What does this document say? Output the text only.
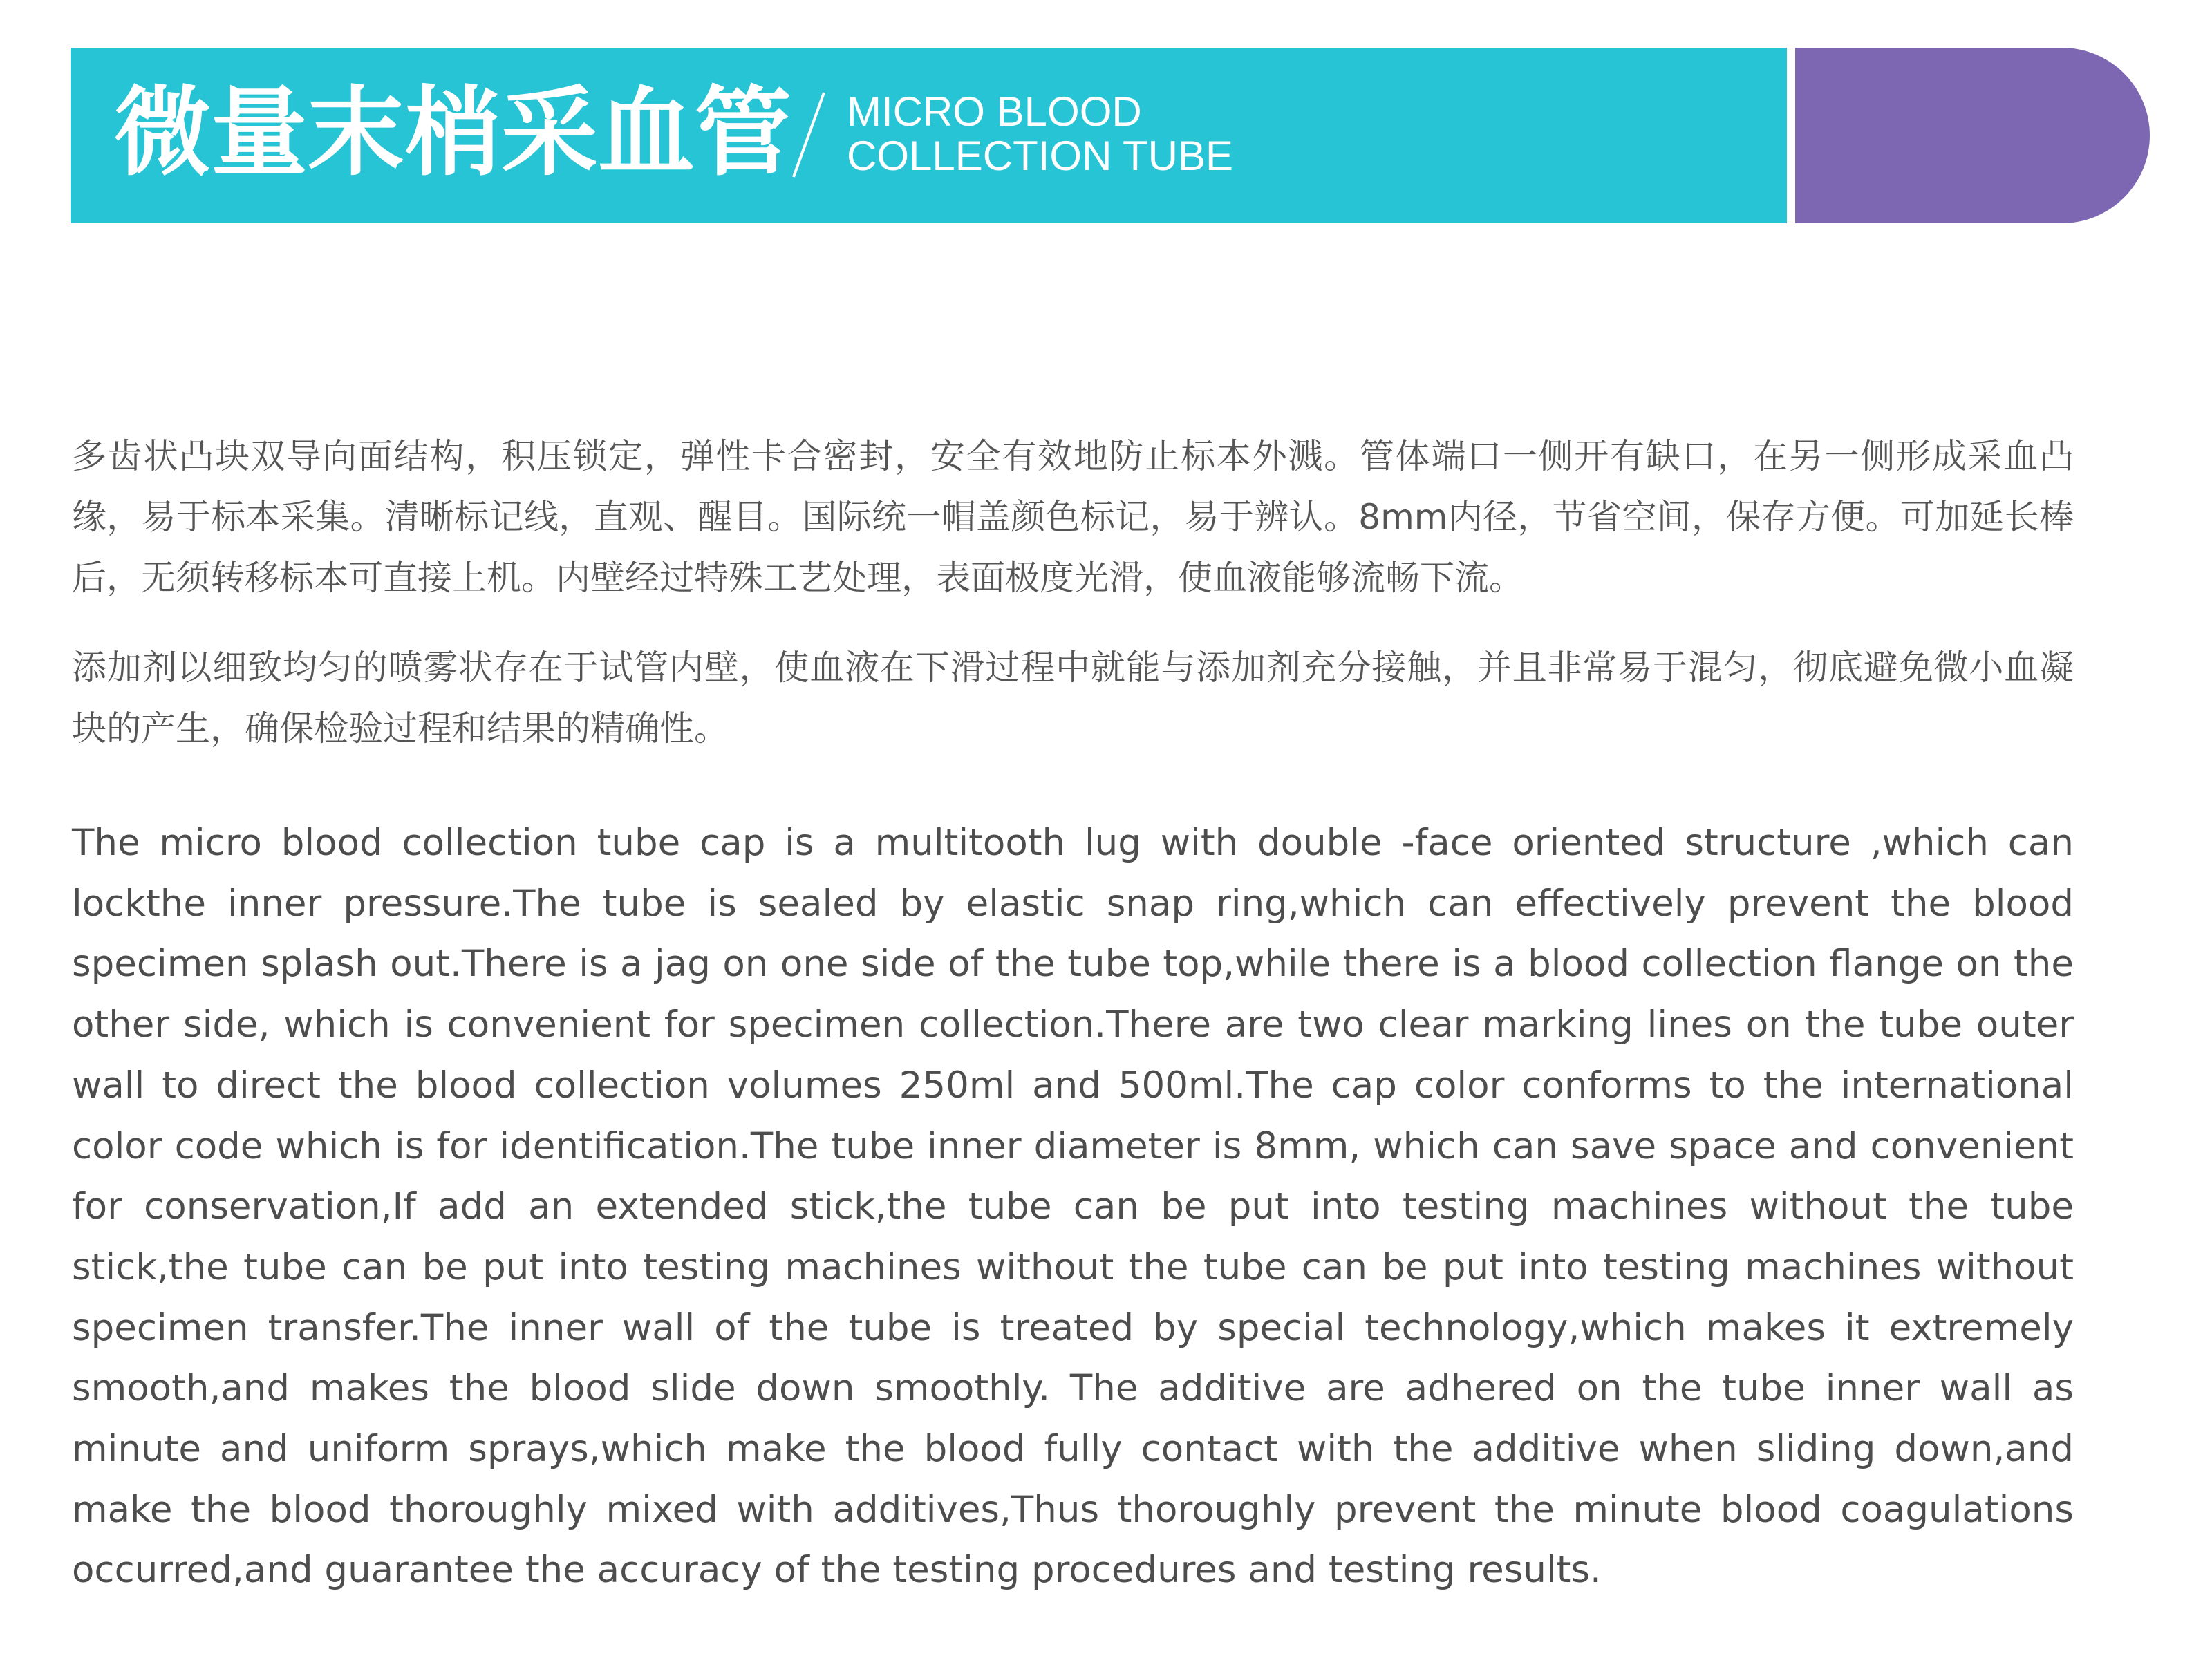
微量末梢采血管 MICRO BLOOD
COLLECTION TUBE
多齿状凸块双导向面结构，积压锁定，弹性卡合密封，安全有效地防止标本外溅。管体端口一侧开有缺口，在另一侧形成采血凸缘，易于标本采集。清晰标记线，直观、醒目。国际统一帽盖颜色标记，易于辨认。8mm内径，节省空间，保存方便。可加延长棒后，无须转移标本可直接上机。内壁经过特殊工艺处理，表面极度光滑，使血液能够流畅下流。
添加剂以细致均匀的喷雾状存在于试管内壁，使血液在下滑过程中就能与添加剂充分接触，并且非常易于混匀，彻底避免微小血凝块的产生，确保检验过程和结果的精确性。
The micro blood collection tube cap is a multitooth lug with double -face oriented structure ,which can lockthe inner pressure.The tube is sealed by elastic snap ring,which can effectively prevent the blood specimen splash out.There is a jag on one side of the tube top,while there is a blood collection flange on the other side, which is convenient for specimen collection.There are two clear marking lines on the tube outer wall to direct the blood collection volumes 250ml and 500ml.The cap color conforms to the international color code which is for identification.The tube inner diameter is 8mm, which can save space and convenient for conservation,If add an extended stick,the tube can be put into testing machines without the tube stick,the tube can be put into testing machines without the tube can be put into testing machines without specimen transfer.The inner wall of the tube is treated by special technology,which makes it extremely smooth,and makes the blood slide down smoothly. The additive are adhered on the tube inner wall as minute and uniform sprays,which make the blood fully contact with the additive when sliding down,and make the blood thoroughly mixed with additives,Thus thoroughly prevent the minute blood coagulations occurred,and guarantee the accuracy of the testing procedures and testing results.
